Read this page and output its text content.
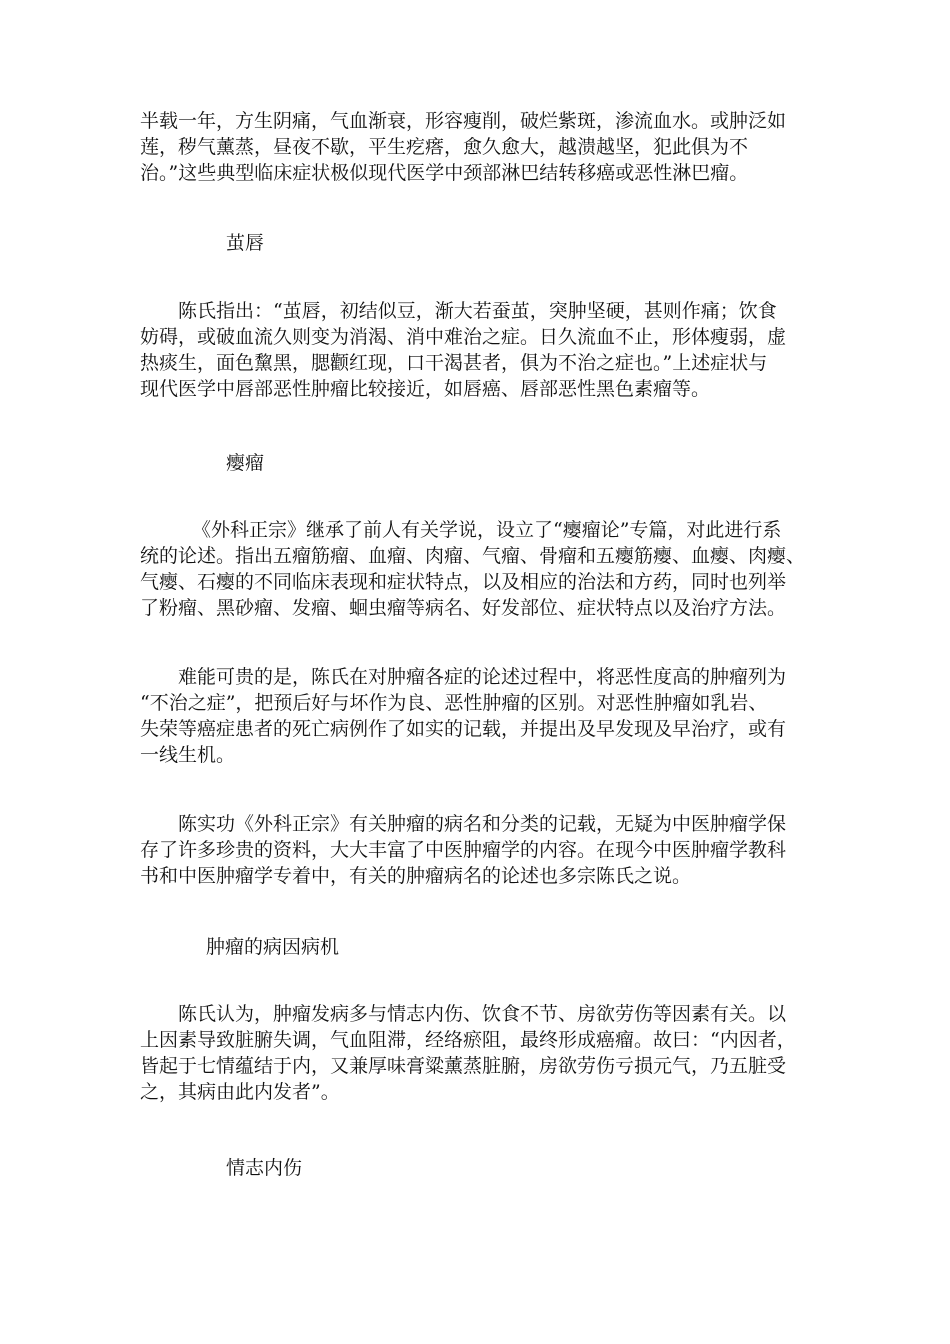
半载一年，方生阴痛，气血渐衰，形容瘦削，破烂紫斑，渗流血水。或肿泛如
莲，秽气薰蒸，昼夜不歇，平生疙瘩，愈久愈大，越溃越坚，犯此俱为不
治。”这些典型临床症状极似现代医学中颈部淋巴结转移癌或恶性淋巴瘤。
茧唇
陈氏指出：“茧唇，初结似豆，渐大若蚕茧，突肿坚硬，甚则作痛；饮食
妨碍，或破血流久则变为消渴、消中难治之症。日久流血不止，形体瘦弱，虚
热痰生，面色黧黑，腮颧红现，口干渴甚者，俱为不治之症也。”上述症状与
现代医学中唇部恶性肿瘤比较接近，如唇癌、唇部恶性黑色素瘤等。
瘿瘤
《外科正宗》继承了前人有关学说，设立了“瘿瘤论”专篇，对此进行系
统的论述。指出五瘤筋瘤、血瘤、肉瘤、气瘤、骨瘤和五瘿筋瘿、血瘿、肉瘿、
气瘿、石瘿的不同临床表现和症状特点，以及相应的治法和方药，同时也列举
了粉瘤、黑砂瘤、发瘤、蛔虫瘤等病名、好发部位、症状特点以及治疗方法。
难能可贵的是，陈氏在对肿瘤各症的论述过程中，将恶性度高的肿瘤列为
“不治之症”，把预后好与坏作为良、恶性肿瘤的区别。对恶性肿瘤如乳岩、
失荣等癌症患者的死亡病例作了如实的记载，并提出及早发现及早治疗，或有
一线生机。
陈实功《外科正宗》有关肿瘤的病名和分类的记载，无疑为中医肿瘤学保
存了许多珍贵的资料，大大丰富了中医肿瘤学的内容。在现今中医肿瘤学教科
书和中医肿瘤学专着中，有关的肿瘤病名的论述也多宗陈氏之说。
肿瘤的病因病机
陈氏认为，肿瘤发病多与情志内伤、饮食不节、房欲劳伤等因素有关。以
上因素导致脏腑失调，气血阻滞，经络瘀阻，最终形成癌瘤。故曰：“内因者，
皆起于七情蕴结于内，又兼厚味膏粱薰蒸脏腑，房欲劳伤亏损元气，乃五脏受
之，其病由此内发者”。
情志内伤
